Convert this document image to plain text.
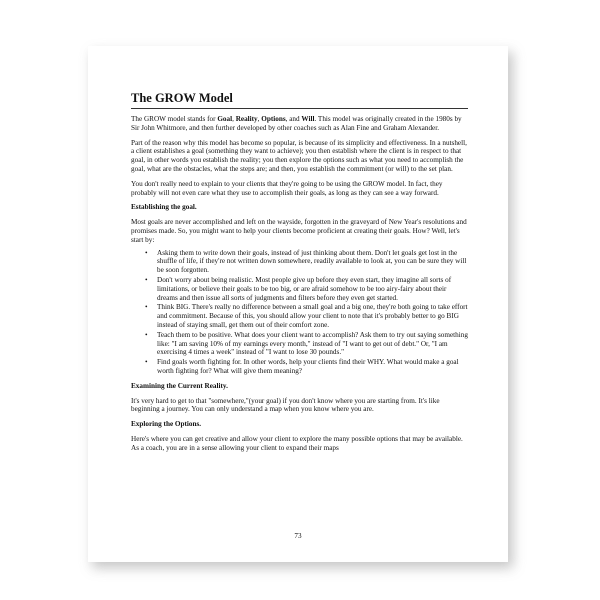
The GROW Model

The GROW model stands for Goal, Reality, Options, and Will. This model was originally created in the 1980s by Sir John Whitmore, and then further developed by other coaches such as Alan Fine and Graham Alexander.

Part of the reason why this model has become so popular, is because of its simplicity and effectiveness. In a nutshell, a client establishes a goal (something they want to achieve); you then establish where the client is in respect to that goal, in other words you establish the reality; you then explore the options such as what you need to accomplish the goal, what are the obstacles, what the steps are; and then, you establish the commitment (or will) to the set plan.

You don't really need to explain to your clients that they're going to be using the GROW model. In fact, they probably will not even care what they use to accomplish their goals, as long as they can see a way forward.

Establishing the goal.

Most goals are never accomplished and left on the wayside, forgotten in the graveyard of New Year's resolutions and promises made. So, you might want to help your clients become proficient at creating their goals. How? Well, let's start by:

• Asking them to write down their goals, instead of just thinking about them. Don't let goals get lost in the shuffle of life, if they're not written down somewhere, readily available to look at, you can be sure they will be soon forgotten.
• Don't worry about being realistic. Most people give up before they even start, they imagine all sorts of limitations, or believe their goals to be too big, or are afraid somehow to be too airy-fairy about their dreams and then issue all sorts of judgments and filters before they even get started.
• Think BIG. There's really no difference between a small goal and a big one, they're both going to take effort and commitment. Because of this, you should allow your client to note that it's probably better to go BIG instead of staying small, get them out of their comfort zone.
• Teach them to be positive. What does your client want to accomplish? Ask them to try out saying something like: "I am saving 10% of my earnings every month," instead of "I want to get out of debt." Or, "I am exercising 4 times a week" instead of "I want to lose 30 pounds."
• Find goals worth fighting for. In other words, help your clients find their WHY. What would make a goal worth fighting for? What will give them meaning?

Examining the Current Reality.

It's very hard to get to that "somewhere,"(your goal) if you don't know where you are starting from. It's like beginning a journey. You can only understand a map when you know where you are.

Exploring the Options.

Here's where you can get creative and allow your client to explore the many possible options that may be available. As a coach, you are in a sense allowing your client to expand their maps

73
